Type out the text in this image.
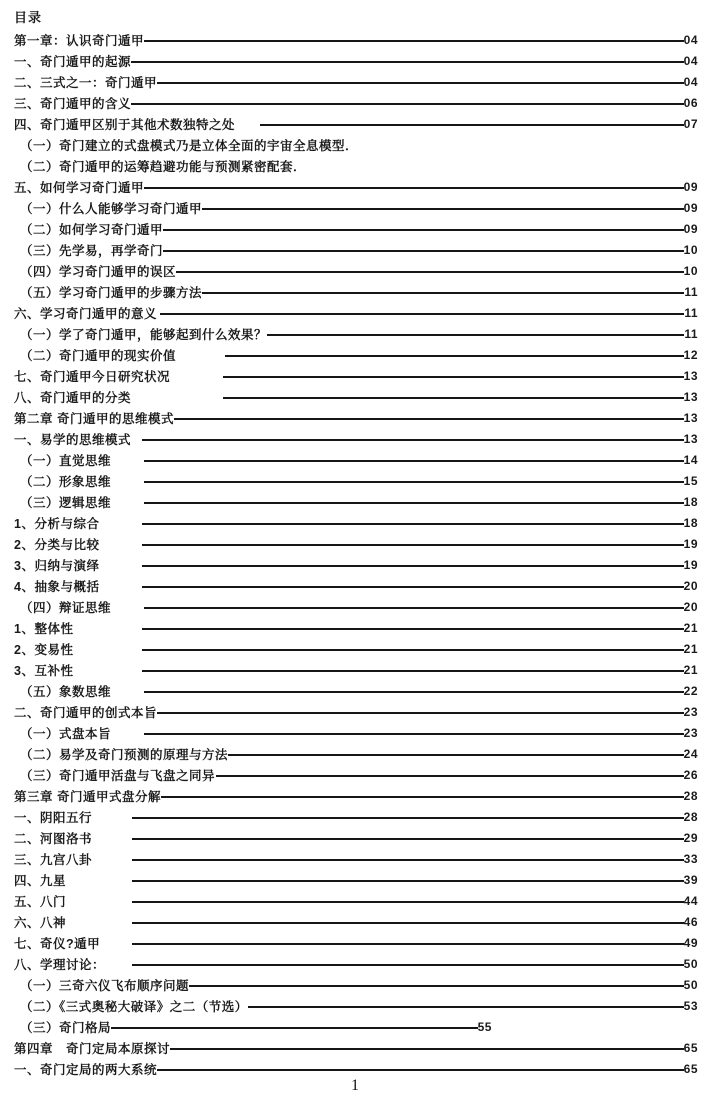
目录
第一章：认识奇门遁甲	04
一、奇门遁甲的起源	04
二、三式之一：奇门遁甲	04
三、奇门遁甲的含义	06
四、奇门遁甲区别于其他术数独特之处	07
（一）奇门建立的式盘模式乃是立体全面的宇宙全息模型．
（二）奇门遁甲的运筹趋避功能与预测紧密配套．
五、如何学习奇门遁甲	09
（一）什么人能够学习奇门遁甲	09
（二）如何学习奇门遁甲	09
（三）先学易，再学奇门	10
（四）学习奇门遁甲的误区	10
（五）学习奇门遁甲的步骤方法	11
六、学习奇门遁甲的意义	11
（一）学了奇门遁甲，能够起到什么效果？	11
（二）奇门遁甲的现实价值	12
七、奇门遁甲今日研究状况	13
八、奇门遁甲的分类	13
第二章 奇门遁甲的思维模式	13
一、易学的思维模式	13
（一）直觉思维	14
（二）形象思维	15
（三）逻辑思维	18
1、分析与综合	18
2、分类与比较	19
3、归纳与演绎	19
4、抽象与概括	20
（四）辩证思维	20
1、整体性	21
2、变易性	21
3、互补性	21
（五）象数思维	22
二、奇门遁甲的创式本旨	23
（一）式盘本旨	23
（二）易学及奇门预测的原理与方法	24
（三）奇门遁甲活盘与飞盘之同异	26
第三章 奇门遁甲式盘分解	28
一、阴阳五行	28
二、河图洛书	29
三、九宫八卦	33
四、九星	39
五、八门	44
六、八神	46
七、奇仪?遁甲	49
八、学理讨论：	50
（一）三奇六仪飞布顺序问题	50
（二）《三式奥秘大破译》之二（节选）	53
（三）奇门格局	55
第四章　奇门定局本原探讨	65
一、奇门定局的两大系统	65
1
